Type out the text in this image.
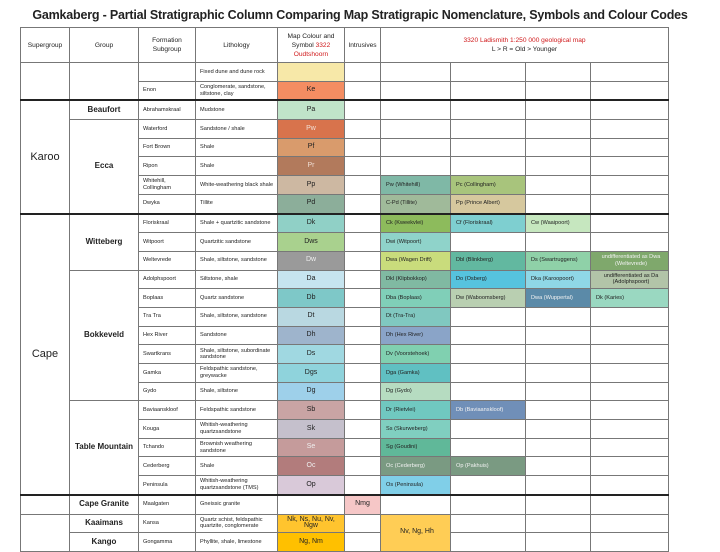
Gamkaberg - Partial Stratigraphic Column Comparing Map Stratigrapic Nomenclature, Symbols and Colour Codes
Supergroup	Group	Formation Subgroup	Lithology	Map Colour and Symbol 3322
Oudtshoorn	Intrusives	3320 Ladismith 1:250 000 geological map
L > R = Old > Younger			
			Fixed dune and dune rock						
		Enon	Conglomerate, sandstone, siltstone, clay	Ke					
Karoo	Beaufort	Abrahamskraal	Mudstone	Pa					
	Ecca	Waterford	Sandstone / shale	Pw					
		Fort Brown	Shale	Pf					
		Ripon	Shale	Pr					
		Whitehill, Collingham	White-weathering black shale	Pp		Pw (Whitehill)	Pc (Collingham)		
		Dwyka	Tillite	Pd		C-Pd (Tillite)	Pp (Prince Albert)		
Cape	Witteberg	Floriskraal	Shale + quartzitic sandstone	Dk		Ck (Kweekvlei)	Cf (Floriskraal)	Cw (Waaipoort)	
		Witpoort	Quartzitic sandstone	Dws		Dwi (Witpoort)			
		Weltevrede	Shale, siltstone, sandstone	Dw		Dwa (Wagen Drift)	Dbl (Blinkberg)	Ds (Swartruggens)	undifferentiated as Dwa (Weltevrede)
	Bokkeveld	Adolphspoort	Siltstone, shale	Da		Dkl (Klipbokkop)	Do (Osberg)	Dka (Karoopoort)	undifferentiated as Da (Adolphspoort)
		Boplaas	Quartz sandstone	Db		Dba (Boplaas)	Dw (Waboomsberg)	Dwa (Wuppertal)	Dk (Karies)
		Tra Tra	Shale, siltstone, sandstone	Dt		Dt (Tra-Tra)			
		Hex River	Sandstone	Dh		Dh (Hex River)			
		Swartkrans	Shale, siltstone, subordinate sandstone	Ds		Dv (Voorstehoek)			
		Gamka	Feldspathic sandstone, greywacke	Dgs		Dga (Gamka)			
		Gydo	Shale, siltstone	Dg		Dg (Gydo)			
	Table Mountain	Baviaanskloof	Feldspathic sandstone	Sb		Dr (Rietvlei)	Db (Baviaanskloof)		
		Kouga	Whitish-weathering quartzsandstone	Sk		Ss (Skurweberg)			
		Tchando	Brownish weathering sandstone	Se		Sg (Goudini)			
		Cederberg	Shale	Oc		Oc (Cederberg)	Op (Pakhuis)		
		Peninsula	Whitish-weathering quartzsandstone (TMS)	Op		Os (Peninsula)			
	Cape Granite	Maalgaten	Gneissic granite		Nmg				
	Kaaimans	Kansa	Quartz schist, feldspathic quartzite, conglomerate	Nk, Ns, Nu, Nv, Ngw		Nv, Ng, Hh			
	Kango	Gongamma	Phyllite, shale, limestone	Ng, Nm					
